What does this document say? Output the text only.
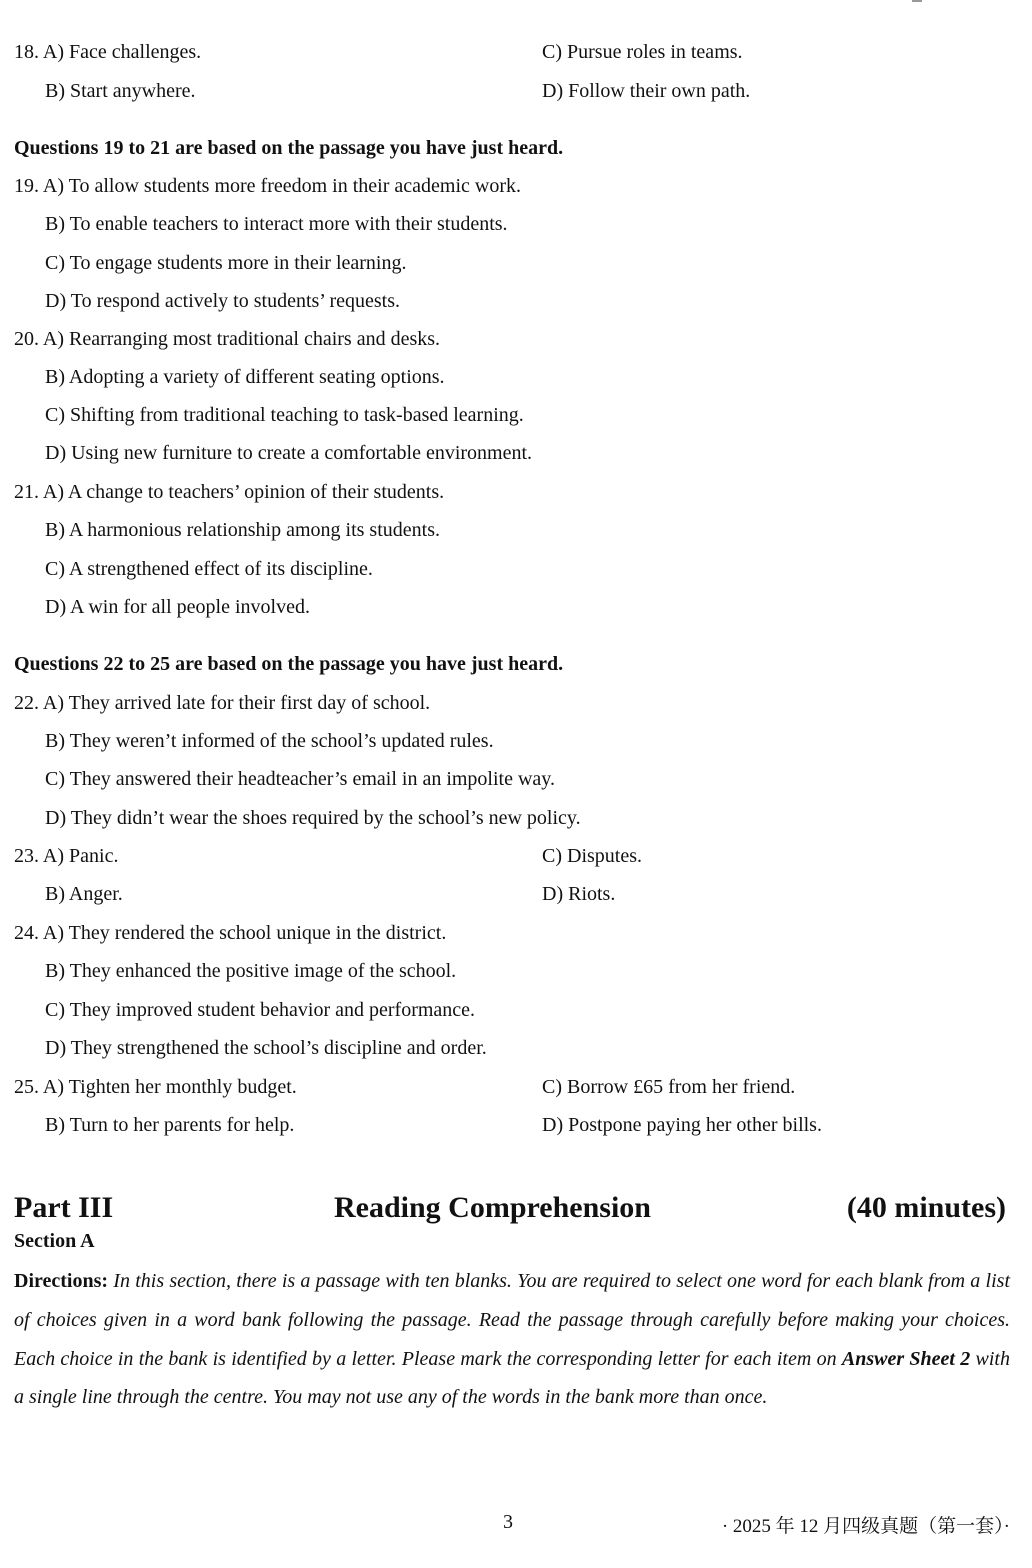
18. A) Face challenges.	C) Pursue roles in teams.
B) Start anywhere.	D) Follow their own path.
Questions 19 to 21 are based on the passage you have just heard.
19. A) To allow students more freedom in their academic work.
B) To enable teachers to interact more with their students.
C) To engage students more in their learning.
D) To respond actively to students’ requests.
20. A) Rearranging most traditional chairs and desks.
B) Adopting a variety of different seating options.
C) Shifting from traditional teaching to task-based learning.
D) Using new furniture to create a comfortable environment.
21. A) A change to teachers’ opinion of their students.
B) A harmonious relationship among its students.
C) A strengthened effect of its discipline.
D) A win for all people involved.
Questions 22 to 25 are based on the passage you have just heard.
22. A) They arrived late for their first day of school.
B) They weren’t informed of the school’s updated rules.
C) They answered their headteacher’s email in an impolite way.
D) They didn’t wear the shoes required by the school’s new policy.
23. A) Panic.	C) Disputes.
B) Anger.	D) Riots.
24. A) They rendered the school unique in the district.
B) They enhanced the positive image of the school.
C) They improved student behavior and performance.
D) They strengthened the school’s discipline and order.
25. A) Tighten her monthly budget.	C) Borrow £65 from her friend.
B) Turn to her parents for help.	D) Postpone paying her other bills.
Part III	Reading Comprehension	(40 minutes)
Section A
Directions: In this section, there is a passage with ten blanks. You are required to select one word for each blank from a list of choices given in a word bank following the passage. Read the passage through carefully before making your choices. Each choice in the bank is identified by a letter. Please mark the corresponding letter for each item on Answer Sheet 2 with a single line through the centre. You may not use any of the words in the bank more than once.
3	· 2025 年 12 月四级真题（第一套）·
